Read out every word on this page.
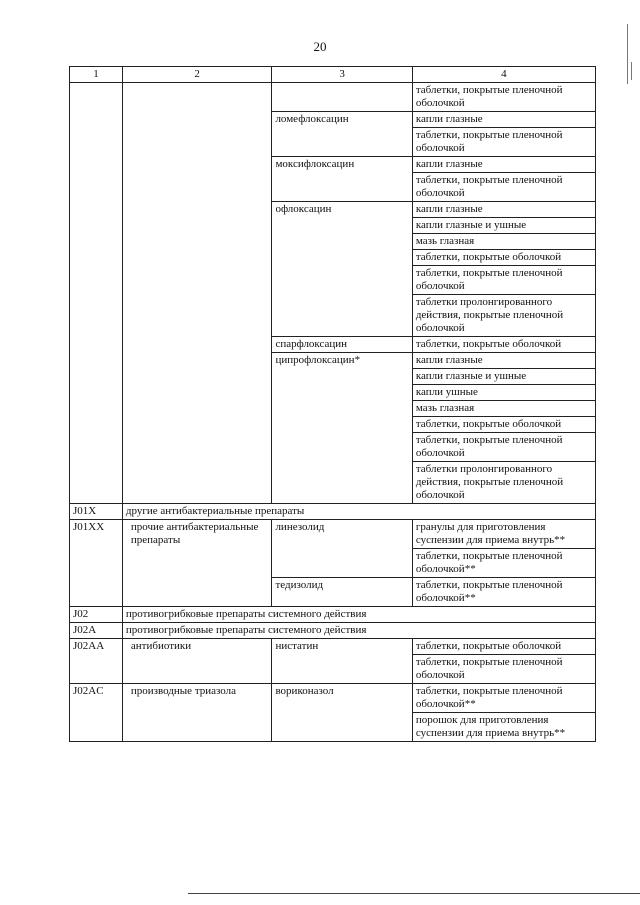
20
1	2	3	4
			таблетки, покрытые пленочной оболочкой
		ломефлоксацин	капли глазные
			таблетки, покрытые пленочной оболочкой
		моксифлоксацин	капли глазные
			таблетки, покрытые пленочной оболочкой
		офлоксацин	капли глазные
			капли глазные и ушные
			мазь глазная
			таблетки, покрытые оболочкой
			таблетки, покрытые пленочной оболочкой
			таблетки пролонгированного действия, покрытые пленочной оболочкой
		спарфлоксацин	таблетки, покрытые оболочкой
		ципрофлоксацин*	капли глазные
			капли глазные и ушные
			капли ушные
			мазь глазная
			таблетки, покрытые оболочкой
			таблетки, покрытые пленочной оболочкой
			таблетки пролонгированного действия, покрытые пленочной оболочкой
J01X	другие антибактериальные препараты		
J01XX	прочие антибактериальные препараты	линезолид	гранулы для приготовления суспензии для приема внутрь**
			таблетки, покрытые пленочной оболочкой**
		тедизолид	таблетки, покрытые пленочной оболочкой**
J02	противогрибковые препараты системного действия		
J02A	противогрибковые препараты системного действия		
J02AA	антибиотики	нистатин	таблетки, покрытые оболочкой
			таблетки, покрытые пленочной оболочкой
J02AC	производные триазола	вориконазол	таблетки, покрытые пленочной оболочкой**
			порошок для приготовления суспензии для приема внутрь**
